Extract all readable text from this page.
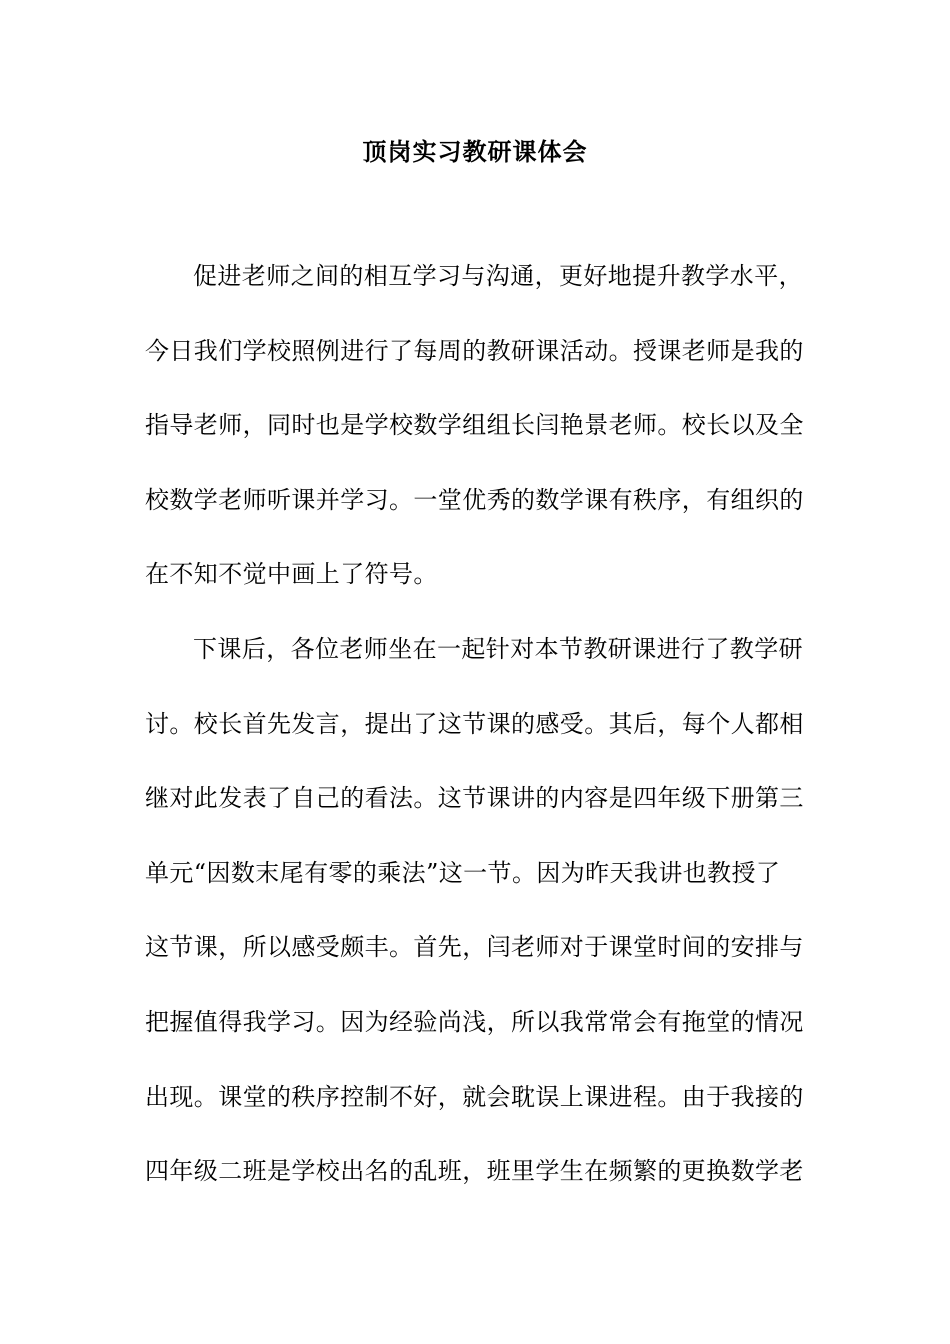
顶岗实习教研课体会
促进老师之间的相互学习与沟通，更好地提升教学水平，
今日我们学校照例进行了每周的教研课活动。授课老师是我的
指导老师，同时也是学校数学组组长闫艳景老师。校长以及全
校数学老师听课并学习。一堂优秀的数学课有秩序，有组织的
在不知不觉中画上了符号。
下课后，各位老师坐在一起针对本节教研课进行了教学研
讨。校长首先发言，提出了这节课的感受。其后，每个人都相
继对此发表了自己的看法。这节课讲的内容是四年级下册第三
单元“因数末尾有零的乘法”这一节。因为昨天我讲也教授了
这节课，所以感受颇丰。首先，闫老师对于课堂时间的安排与
把握值得我学习。因为经验尚浅，所以我常常会有拖堂的情况
出现。课堂的秩序控制不好，就会耽误上课进程。由于我接的
四年级二班是学校出名的乱班，班里学生在频繁的更换数学老
